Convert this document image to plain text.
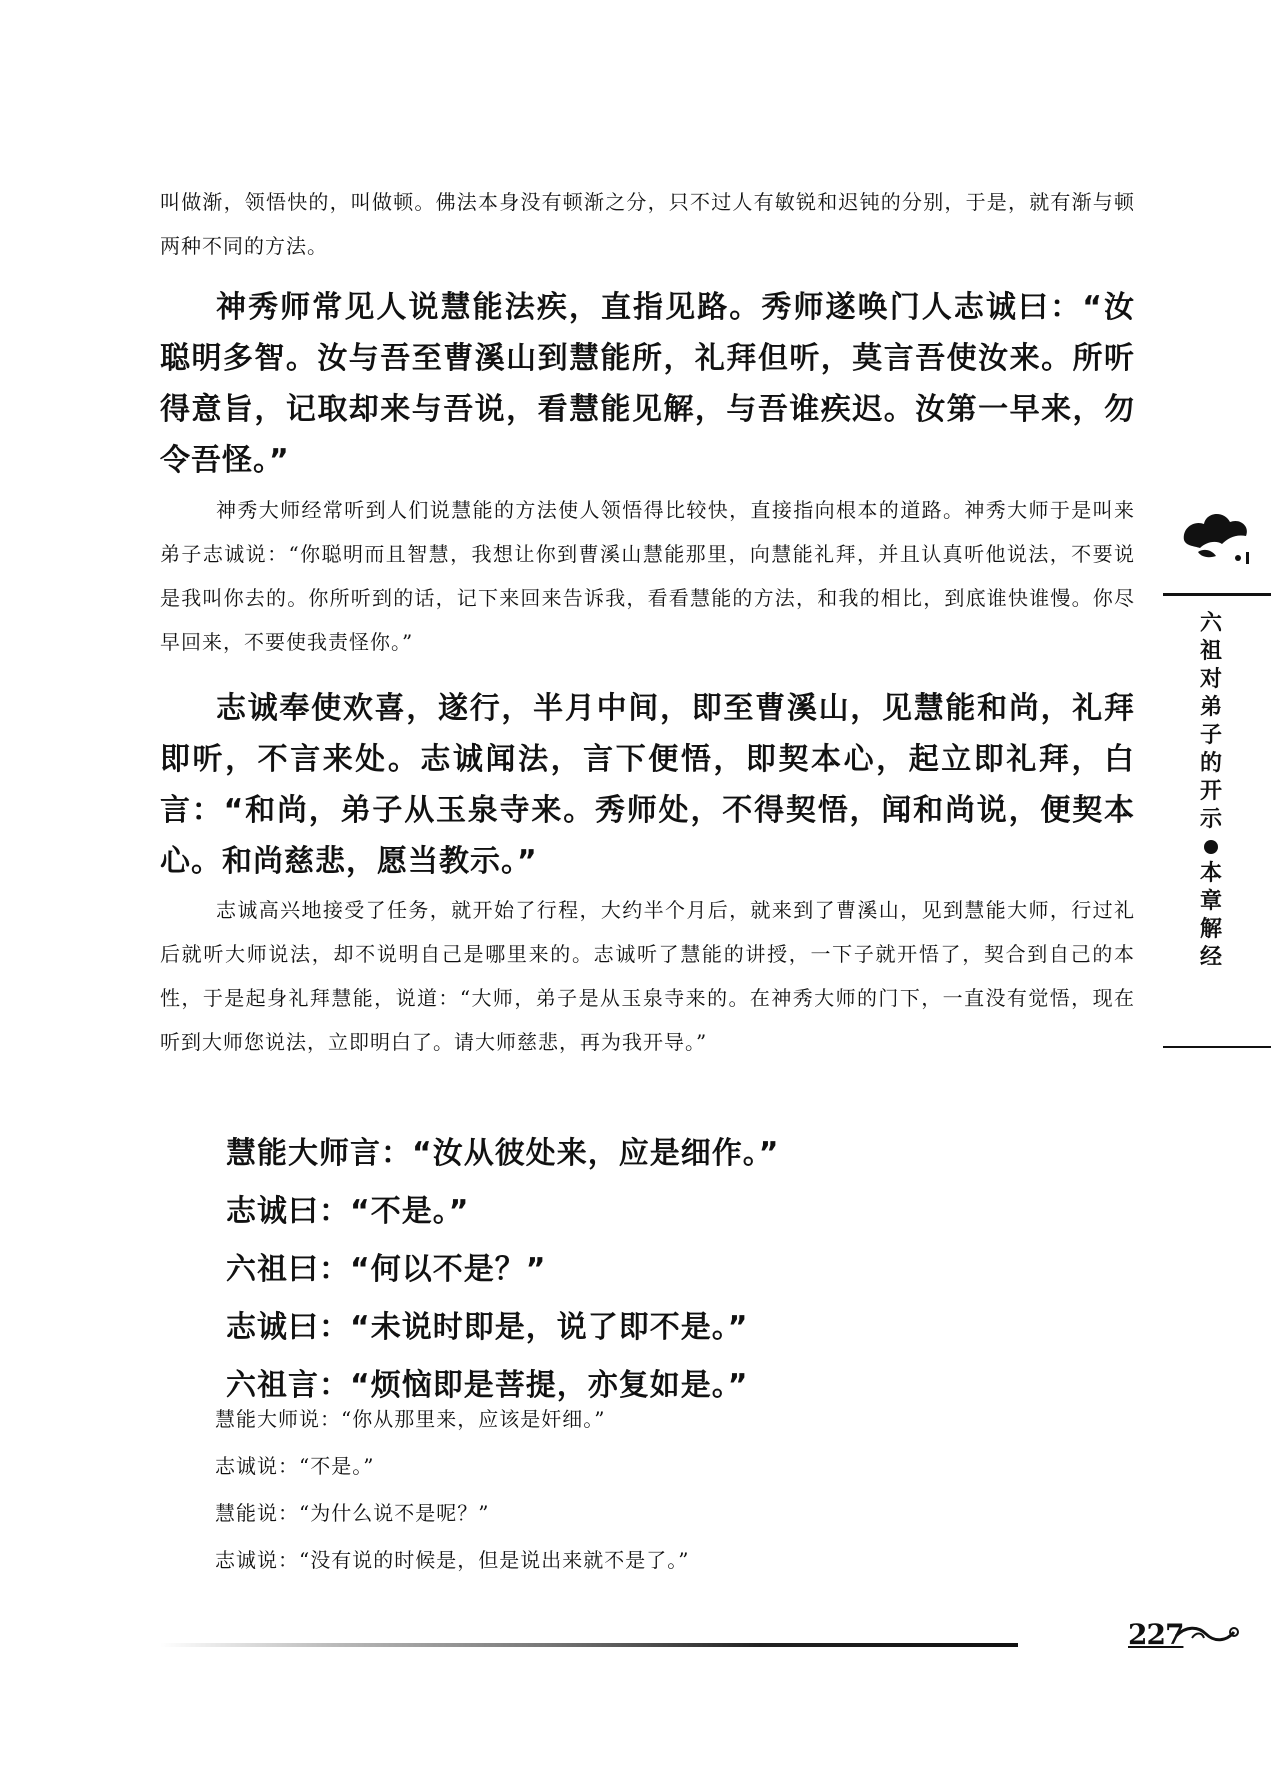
六
祖
对
弟
子
的
开
示
本
章
解
经

叫做渐，领悟快的，叫做顿。佛法本身没有顿渐之分，只不过人有敏锐和迟钝的分别，于是，就有渐与顿两种不同的方法。

神秀师常见人说慧能法疾，直指见路。秀师遂唤门人志诚曰：“汝聪明多智。汝与吾至曹溪山到慧能所，礼拜但听，莫言吾使汝来。所听得意旨，记取却来与吾说，看慧能见解，与吾谁疾迟。汝第一早来，勿令吾怪。”

神秀大师经常听到人们说慧能的方法使人领悟得比较快，直接指向根本的道路。神秀大师于是叫来弟子志诚说：“你聪明而且智慧，我想让你到曹溪山慧能那里，向慧能礼拜，并且认真听他说法，不要说是我叫你去的。你所听到的话，记下来回来告诉我，看看慧能的方法，和我的相比，到底谁快谁慢。你尽早回来，不要使我责怪你。”

志诚奉使欢喜，遂行，半月中间，即至曹溪山，见慧能和尚，礼拜即听，不言来处。志诚闻法，言下便悟，即契本心，起立即礼拜，白言：“和尚，弟子从玉泉寺来。秀师处，不得契悟，闻和尚说，便契本心。和尚慈悲，愿当教示。”

志诚高兴地接受了任务，就开始了行程，大约半个月后，就来到了曹溪山，见到慧能大师，行过礼后就听大师说法，却不说明自己是哪里来的。志诚听了慧能的讲授，一下子就开悟了，契合到自己的本性，于是起身礼拜慧能，说道：“大师，弟子是从玉泉寺来的。在神秀大师的门下，一直没有觉悟，现在听到大师您说法，立即明白了。请大师慈悲，再为我开导。”

慧能大师言：“汝从彼处来，应是细作。”

志诚曰：“不是。”

六祖曰：“何以不是？”

志诚曰：“未说时即是，说了即不是。”

六祖言：“烦恼即是菩提，亦复如是。”

慧能大师说：“你从那里来，应该是奸细。”

志诚说：“不是。”

慧能说：“为什么说不是呢？”

志诚说：“没有说的时候是，但是说出来就不是了。”

227
